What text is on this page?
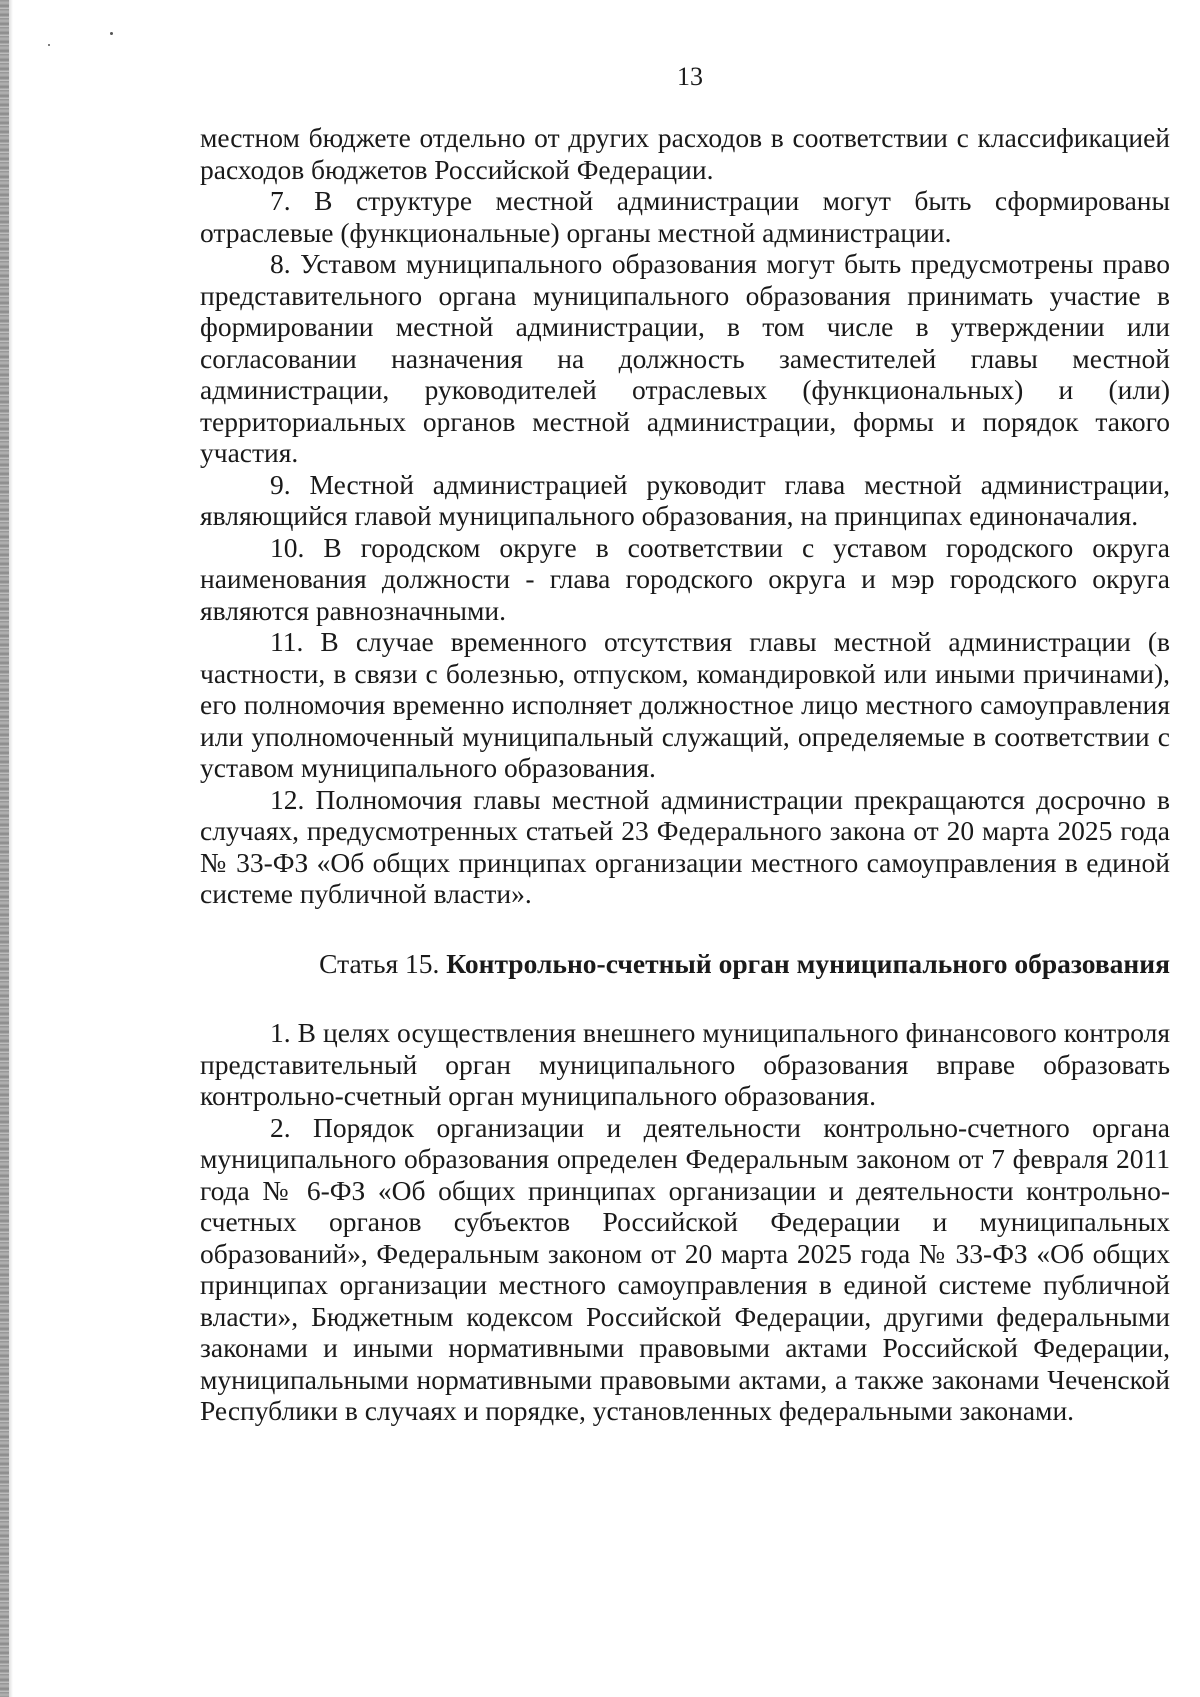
13

местном бюджете отдельно от других расходов в соответствии с классификацией расходов бюджетов Российской Федерации.

7. В структуре местной администрации могут быть сформированы отраслевые (функциональные) органы местной администрации.

8. Уставом муниципального образования могут быть предусмотрены право представительного органа муниципального образования принимать участие в формировании местной администрации, в том числе в утверждении или согласовании назначения на должность заместителей главы местной администрации, руководителей отраслевых (функциональных) и (или) территориальных органов местной администрации, формы и порядок такого участия.

9. Местной администрацией руководит глава местной администрации, являющийся главой муниципального образования, на принципах единоначалия.

10. В городском округе в соответствии с уставом городского округа наименования должности - глава городского округа и мэр городского округа являются равнозначными.

11. В случае временного отсутствия главы местной администрации (в частности, в связи с болезнью, отпуском, командировкой или иными причинами), его полномочия временно исполняет должностное лицо местного самоуправления или уполномоченный муниципальный служащий, определяемые в соответствии с уставом муниципального образования.

12. Полномочия главы местной администрации прекращаются досрочно в случаях, предусмотренных статьей 23 Федерального закона от 20 марта 2025 года № 33-ФЗ «Об общих принципах организации местного самоуправления в единой системе публичной власти».

Статья 15. Контрольно-счетный орган муниципального образования

1. В целях осуществления внешнего муниципального финансового контроля представительный орган муниципального образования вправе образовать контрольно-счетный орган муниципального образования.

2. Порядок организации и деятельности контрольно-счетного органа муниципального образования определен Федеральным законом от 7 февраля 2011 года № 6-ФЗ «Об общих принципах организации и деятельности контрольно-счетных органов субъектов Российской Федерации и муниципальных образований», Федеральным законом от 20 марта 2025 года № 33-ФЗ «Об общих принципах организации местного самоуправления в единой системе публичной власти», Бюджетным кодексом Российской Федерации, другими федеральными законами и иными нормативными правовыми актами Российской Федерации, муниципальными нормативными правовыми актами, а также законами Чеченской Республики в случаях и порядке, установленных федеральными законами.
